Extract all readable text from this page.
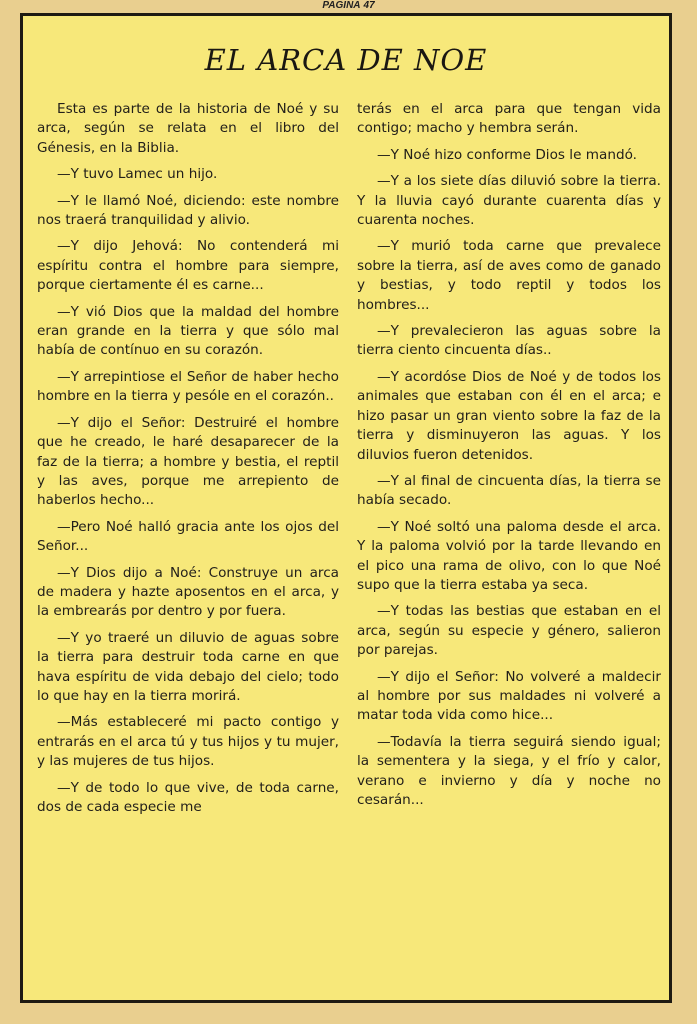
PAGINA 47
EL ARCA DE NOE

Esta es parte de la historia de Noé y su arca, según se relata en el libro del Génesis, en la Biblia.

—Y tuvo Lamec un hijo.

—Y le llamó Noé, diciendo: este nombre nos traerá tranquilidad y alivio.

—Y dijo Jehová: No contenderá mi espíritu contra el hombre para siempre, porque ciertamente él es carne...

—Y vió Dios que la maldad del hombre eran grande en la tierra y que sólo mal había de contínuo en su corazón.

—Y arrepintiose el Señor de haber hecho hombre en la tierra y pesóle en el corazón..

—Y dijo el Señor: Destruiré el hombre que he creado, le haré desaparecer de la faz de la tierra; a hombre y bestia, el reptil y las aves, porque me arrepiento de haberlos hecho...

—Pero Noé halló gracia ante los ojos del Señor...

—Y Dios dijo a Noé: Construye un arca de madera y hazte aposentos en el arca, y la embrearás por dentro y por fuera.

—Y yo traeré un diluvio de aguas sobre la tierra para destruir toda carne en que hava espíritu de vida debajo del cielo; todo lo que hay en la tierra morirá.

—Más estableceré mi pacto contigo y entrarás en el arca tú y tus hijos y tu mujer, y las mujeres de tus hijos.

—Y de todo lo que vive, de toda carne, dos de cada especie me

terás en el arca para que tengan vida contigo; macho y hembra serán.

—Y Noé hizo conforme Dios le mandó.

—Y a los siete días diluvió sobre la tierra. Y la lluvia cayó durante cuarenta días y cuarenta noches.

—Y murió toda carne que prevalece sobre la tierra, así de aves como de ganado y bestias, y todo reptil y todos los hombres...

—Y prevalecieron las aguas sobre la tierra ciento cincuenta días..

—Y acordóse Dios de Noé y de todos los animales que estaban con él en el arca; e hizo pasar un gran viento sobre la faz de la tierra y disminuyeron las aguas. Y los diluvios fueron detenidos.

—Y al final de cincuenta días, la tierra se había secado.

—Y Noé soltó una paloma desde el arca. Y la paloma volvió por la tarde llevando en el pico una rama de olivo, con lo que Noé supo que la tierra estaba ya seca.

—Y todas las bestias que estaban en el arca, según su especie y género, salieron por parejas.

—Y dijo el Señor: No volveré a maldecir al hombre por sus maldades ni volveré a matar toda vida como hice...

—Todavía la tierra seguirá siendo igual; la sementera y la siega, y el frío y calor, verano e invierno y día y noche no cesarán...
